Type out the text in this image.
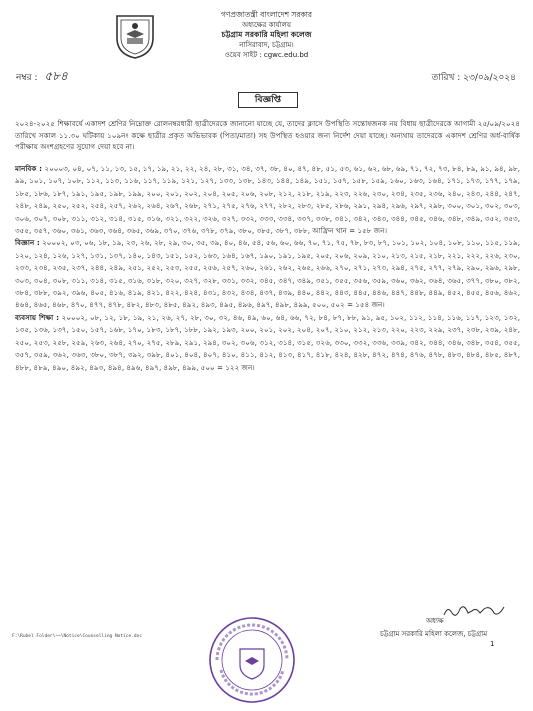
গণপ্রজাতন্ত্রী বাংলাদেশ সরকার
অধ্যক্ষের কার্যালয়
চট্টগ্রাম সরকারি মহিলা কলেজ
নাসিরাবাদ, চট্টগ্রাম।
ওয়েব সাইট : cgwc.edu.bd
নম্বর : ৫৮৪	তারিখ : ২৩/০৯/২০২৪
বিজ্ঞপ্তি
২০২৪-২০২৫ শিক্ষাবর্ষে একাদশ শ্রেণির নিম্নোক্ত রোলনম্বরধারী ছাত্রীদেরকে জানানো যাচ্ছে যে, তাদের ক্লাসে উপস্থিতি সন্তোষজনক নয় বিধায় ছাত্রীদেরকে আগামী ২৫/০৯/২০২৪ তারিখে সকাল ১১.৩০ ঘটিকায় ১০৯নং কক্ষে ছাত্রীর প্রকৃত অভিভাবক (পিতা/মাতা) সহ উপস্থিত হওয়ার জন্য নির্দেশ দেয়া যাচ্ছে। অন্যথায় তাদেরকে একাদশ শ্রেণির অর্ধ-বার্ষিক পরীক্ষায় অংশগ্রহণের সুযোগ দেয়া হবে না।
মানবিক : ২০০০৩, ০৪, ০৭, ১১, ১৩, ১৫, ১৭, ১৯, ২১, ২২, ২৪, ২৮, ৩১, ৩৪, ৩৭, ৩৮, ৪০, ৪৭, ৪৮, ৫১, ৫৩, ৬১, ৬২, ৬৮, ৬৯, ৭১, ৭২, ৭৩, ৮৪, ৮৯, ৯১, ৯৪, ৯৮, ৯৯, ১০১, ১০৭, ১০৮, ১১২, ১১৩, ১১৬, ১১৭, ১১৯, ১২১, ১২৭, ১৩৩, ১৩৮, ১৪৩, ১৪৪, ১৪৯, ১৫১, ১৫৭, ১৫৮, ১৫৯, ১৬০, ১৬৩, ১৬৪, ১৭১, ১৭৩, ১৭৭, ১৭৯, ১৮৫, ১৮৬, ১৮৭, ১৯১, ১৯৫, ১৯৮, ১৯৯, ২০০, ২০১, ২০২, ২০৪, ২০৫, ২০৬, ২০৮, ২১২, ২১৮, ২১৯, ২২৩, ২২৬, ২৩০, ২৩৪, ২৩৫, ২৩৬, ২৪০, ২৪৩, ২৪৪, ২৪৭, ২৪৮, ২৪৯, ২৫০, ২৫২, ২৫৪, ২৫৭, ২৬২, ২৬৪, ২৬৭, ২৬৮, ২৭১, ২৭৫, ২৭৬, ২৭৭, ২৮২, ২৮৩, ২৮৫, ২৮৬, ২৯১, ২৯৪, ২৯৬, ২৯৭, ২৯৮, ৩০০, ৩০১, ৩০২, ৩০৩, ৩০৬, ৩০৭, ৩০৮, ৩১১, ৩১২, ৩১৪, ৩১৫, ৩১৬, ৩২১, ৩২২, ৩২৬, ৩২৭, ৩৩২, ৩৩৩, ৩৩৪, ৩৩৭, ৩৩৮, ৩৪১, ৩৪২, ৩৪৩, ৩৪৪, ৩৪৫, ৩৪৬, ৩৪৮, ৩৪৯, ৩৫২, ৩৫৩, ৩৫৫, ৩৫৭, ৩৬০, ৩৬১, ৩৬৩, ৩৬৪, ৩৬৫, ৩৬৯, ৩৭০, ৩৭৬, ৩৭৮, ৩৭৯, ৩৮০, ৩৮৫, ৩৮৭, ৩৮৮, আফ্রিন খান = ১৫৮ জন।
বিজ্ঞান : ২০০০২, ০৩, ০৬, ১৮, ১৯, ২৩, ২৬, ২৮, ২৯, ৩০, ৩৫, ৩৯, ৪০, ৪৬, ৫৪, ৫৬, ৬০, ৬৬, ৭০, ৭১, ৭৫, ৭৮, ৮৩, ৮৭, ১০১, ১০২, ১০৪, ১০৮, ১১০, ১১৫, ১১৯, ১২০, ১২৪, ১২৬, ১২৭, ১৩১, ১৩৭, ১৪০, ১৪৩, ১৫১, ১৫২, ১৬৩, ১৬৪, ১৬৭, ১৯০, ১৯১, ১৯৫, ২০৫, ২০৬, ২০৯, ২১০, ২১৩, ২১৫, ২১৮, ২২১, ২২২, ২২৬, ২৩০, ২৩৩, ২৩৪, ২৩৫, ২৩৭, ২৪৪, ২৪৯, ২৫১, ২৫২, ২৫৩, ২৫৫, ২৫৬, ২৫৭, ২৬০, ২৬১, ২৬২, ২৬৫, ২৬৬, ২৭০, ২৭১, ২৭৩, ২৯৪, ২৭৫, ২৭৭, ২৭৯, ২৯০, ২৯৬, ২৯৮, ৩০৩, ৩০৪, ৩০৮, ৩১১, ৩১৪, ৩১৫, ৩১৬, ৩১৮, ৩২০, ৩২৭, ৩২৮, ৩৩১, ৩৩২, ৩৪৫, ৩৪৭, ৩৪৯, ৩৫১, ৩৫৫, ৩৫৬, ৩৫৯, ৩৬০, ৩৬২, ৩৬৪, ৩৬৫, ৩৭৭, ৩৮০, ৩৮২, ৩৮৪, ৩৮৮, ৩৯২, ৩৯৬, ৪০৫, ৪১৬, ৪১৯, ৪২১, ৪২২, ৪২৪, ৪৩১, ৪৩২, ৪৩৪, ৪৩৭, ৪৩৯, ৪৪০, ৪৪২, ৪৪৩, ৪৪৫, ৪৪৬, ৪৪৭, ৪৪৮, ৪৪৯, ৪৫২, ৪৫৫, ৪৫৬, ৪৬২, ৪৬৪, ৪৬৫, ৪৬৮, ৪৭০, ৪৭৭, ৪৭৮, ৪৮২, ৪৮৩, ৪৮৫, ৪৯২, ৪৯৩, ৪৯৫, ৪৯৬, ৪৯৭, ৪৯৮, ৪৯৯, ৫০০, ৫০২ = ১৫৪ জন।
ব্যবসায় শিক্ষা : ২০০০২, ০৮, ১২, ১৮, ১৯, ২১, ২৬, ২৭, ২৮, ৩০, ৩২, ৪৬, ৪৯, ৬০, ৬৪, ৬৬, ৭২, ৮৪, ৮৭, ৮৮, ৯১, ৯৫, ১০২, ১১২, ১১৪, ১১৬, ১১৭, ১২৩, ১৩২, ১৩৫, ১৩৬, ১৩৭, ১৫০, ১৫৭, ১৬৮, ১৭০, ১৮৩, ১৮৭, ১৮৮, ১৯২, ১৯৩, ২০০, ২০১, ২০২, ২০৪, ২০৭, ২১০, ২১২, ২১৩, ২২০, ২২৩, ২২৯, ২৩৭, ২৩৮, ২৩৯, ২৪৮, ২৫০, ২৫৩, ২৫৮, ২৫৯, ২৬৩, ২৬৪, ২৭০, ২৭৫, ২৮৯, ২৯১, ২৯৪, ৩০২, ৩০৬, ৩১২, ৩১৪, ৩১৫, ৩২৬, ৩৩০, ৩৩২, ৩৩৬, ৩৩৯, ৩৪২, ৩৪৪, ৩৪৬, ৩৪৮, ৩৫৪, ৩৫৫, ৩৫৭, ৩৫৯, ৩৬২, ৩৬৩, ৩৮০, ৩৮৭, ৩৯২, ৩৯৮, ৪০১, ৪০৪, ৪০৭, ৪১০, ৪১১, ৪১২, ৪১৩, ৪১৭, ৪১৮, ৪২৪, ৪২৮, ৪৭২, ৪৭৪, ৪৭৬, ৪৭৮, ৪৮৩, ৪৮৪, ৪৮৫, ৪৮৭, ৪৮৮, ৪৮৯, ৪৯০, ৪৯২, ৪৯৩, ৪৯৪, ৪৯৬, ৪৯৭, ৪৯৮, ৪৯৯, ৫০০ = ১২২ জন।
অধ্যক্ষ
চট্টগ্রাম সরকারি মহিলা কলেজ, চট্টগ্রাম
F:\Rubel Folder\~~\Notice\Counselling Notice.doc
1
